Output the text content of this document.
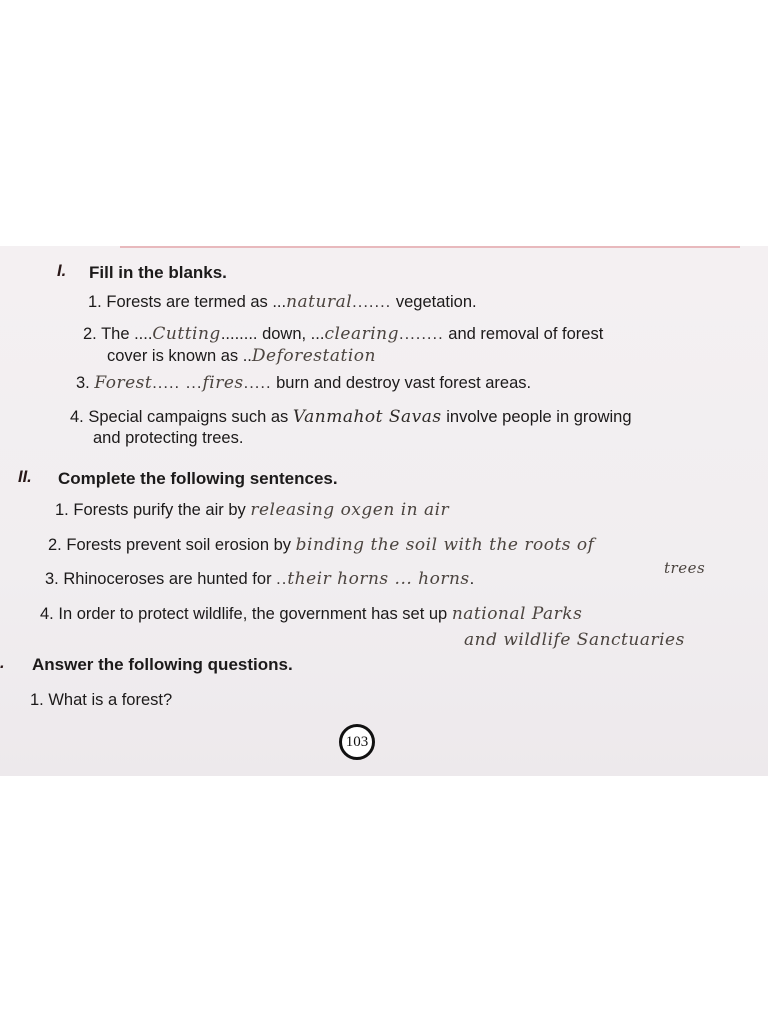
I. Fill in the blanks.
1. Forests are termed as ...natural....... vegetation.
2. The ....Cutting........ down, ...clearing........ and removal of forest
cover is known as ..Deforestation
3. Forest..... ...fires..... burn and destroy vast forest areas.
4. Special campaigns such as Vanmahot Savas involve people in growing
and protecting trees.
II. Complete the following sentences.
1. Forests purify the air by releasing oxgen in air
2. Forests prevent soil erosion by binding the soil with the roots of
trees
3. Rhinoceroses are hunted for ..their horns ... horns.
4. In order to protect wildlife, the government has set up national Parks
and wildlife Sanctuaries
. Answer the following questions.
1. What is a forest?
103
